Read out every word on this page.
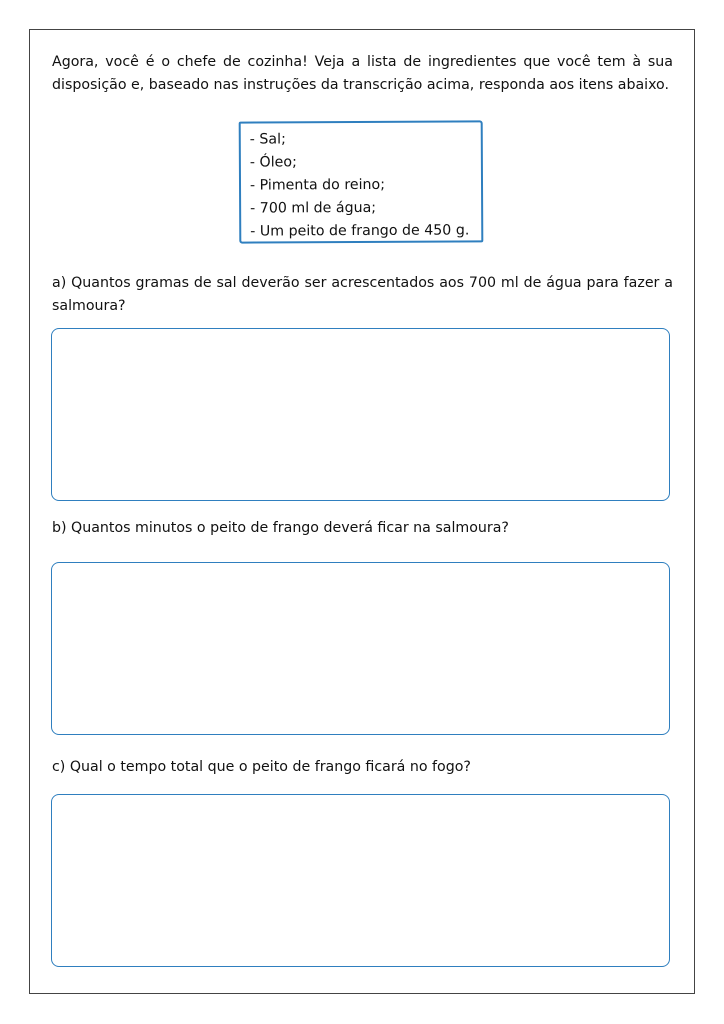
Agora, você é o chefe de cozinha! Veja a lista de ingredientes que você tem à sua disposição e, baseado nas instruções da transcrição acima, responda aos itens abaixo.

- Sal;
- Óleo;
- Pimenta do reino;
- 700 ml de água;
- Um peito de frango de 450 g.

a) Quantos gramas de sal deverão ser acrescentados aos 700 ml de água para fazer a salmoura?

b) Quantos minutos o peito de frango deverá ficar na salmoura?

c) Qual o tempo total que o peito de frango ficará no fogo?
